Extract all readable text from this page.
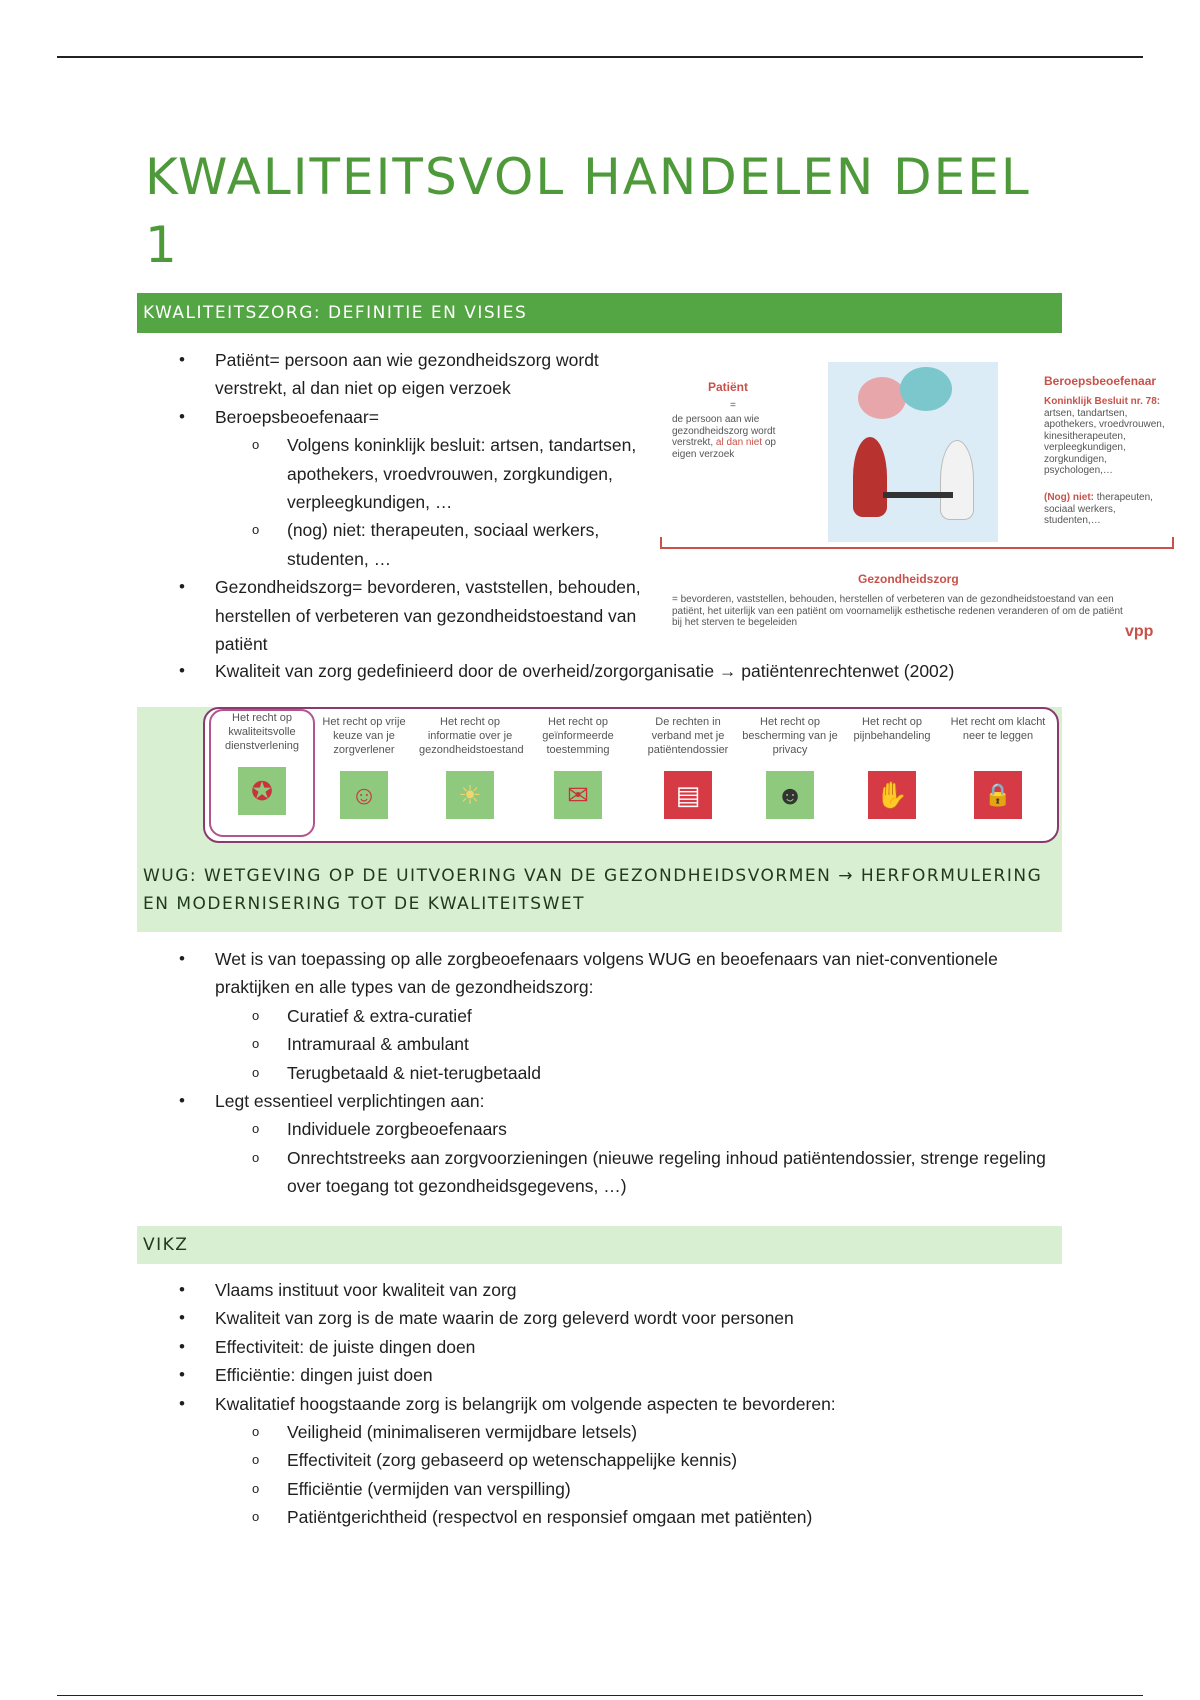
KWALITEITSVOL HANDELEN DEEL 1
KWALITEITSZORG: DEFINITIE EN VISIES
• Patiënt= persoon aan wie gezondheidszorg wordt verstrekt, al dan niet op eigen verzoek
• Beroepsbeoefenaar=
o Volgens koninklijk besluit: artsen, tandartsen, apothekers, vroedvrouwen, zorgkundigen, verpleegkundigen, …
o (nog) niet: therapeuten, sociaal werkers, studenten, …
• Gezondheidszorg= bevorderen, vaststellen, behouden, herstellen of verbeteren van gezondheidstoestand van patiënt
• Kwaliteit van zorg gedefinieerd door de overheid/zorgorganisatie → patiëntenrechtenwet (2002)
Patiënt
=
de persoon aan wie gezondheidszorg wordt verstrekt, al dan niet op eigen verzoek
Beroepsbeoefenaar
Koninklijk Besluit nr. 78: artsen, tandartsen, apothekers, vroedvrouwen, kinesitherapeuten, verpleegkundigen, zorgkundigen, psychologen,…
(Nog) niet: therapeuten, sociaal werkers, studenten,…
Gezondheidszorg
= bevorderen, vaststellen, behouden, herstellen of verbeteren van de gezondheidstoestand van een patiënt, het uiterlijk van een patiënt om voornamelijk esthetische redenen veranderen of om de patiënt bij het sterven te begeleiden
vpp
Het recht op kwaliteitsvolle dienstverlening
✪
Het recht op vrije keuze van je zorgverlener
☺
Het recht op informatie over je gezondheidstoestand
☀
Het recht op geïnformeerde toestemming
✉
De rechten in verband met je patiëntendossier
▤
Het recht op bescherming van je privacy
☻
Het recht op pijnbehandeling
✋
Het recht om klacht neer te leggen
🔒
WUG: WETGEVING OP DE UITVOERING VAN DE GEZONDHEIDSVORMEN → HERFORMULERING EN MODERNISERING TOT DE KWALITEITSWET
• Wet is van toepassing op alle zorgbeoefenaars volgens WUG en beoefenaars van niet-conventionele praktijken en alle types van de gezondheidszorg:
o Curatief & extra-curatief
o Intramuraal & ambulant
o Terugbetaald & niet-terugbetaald
• Legt essentieel verplichtingen aan:
o Individuele zorgbeoefenaars
o Onrechtstreeks aan zorgvoorzieningen (nieuwe regeling inhoud patiëntendossier, strenge regeling over toegang tot gezondheidsgegevens, …)
VIKZ
• Vlaams instituut voor kwaliteit van zorg
• Kwaliteit van zorg is de mate waarin de zorg geleverd wordt voor personen
• Effectiviteit: de juiste dingen doen
• Efficiëntie: dingen juist doen
• Kwalitatief hoogstaande zorg is belangrijk om volgende aspecten te bevorderen:
o Veiligheid (minimaliseren vermijdbare letsels)
o Effectiviteit (zorg gebaseerd op wetenschappelijke kennis)
o Efficiëntie (vermijden van verspilling)
o Patiëntgerichtheid (respectvol en responsief omgaan met patiënten)
